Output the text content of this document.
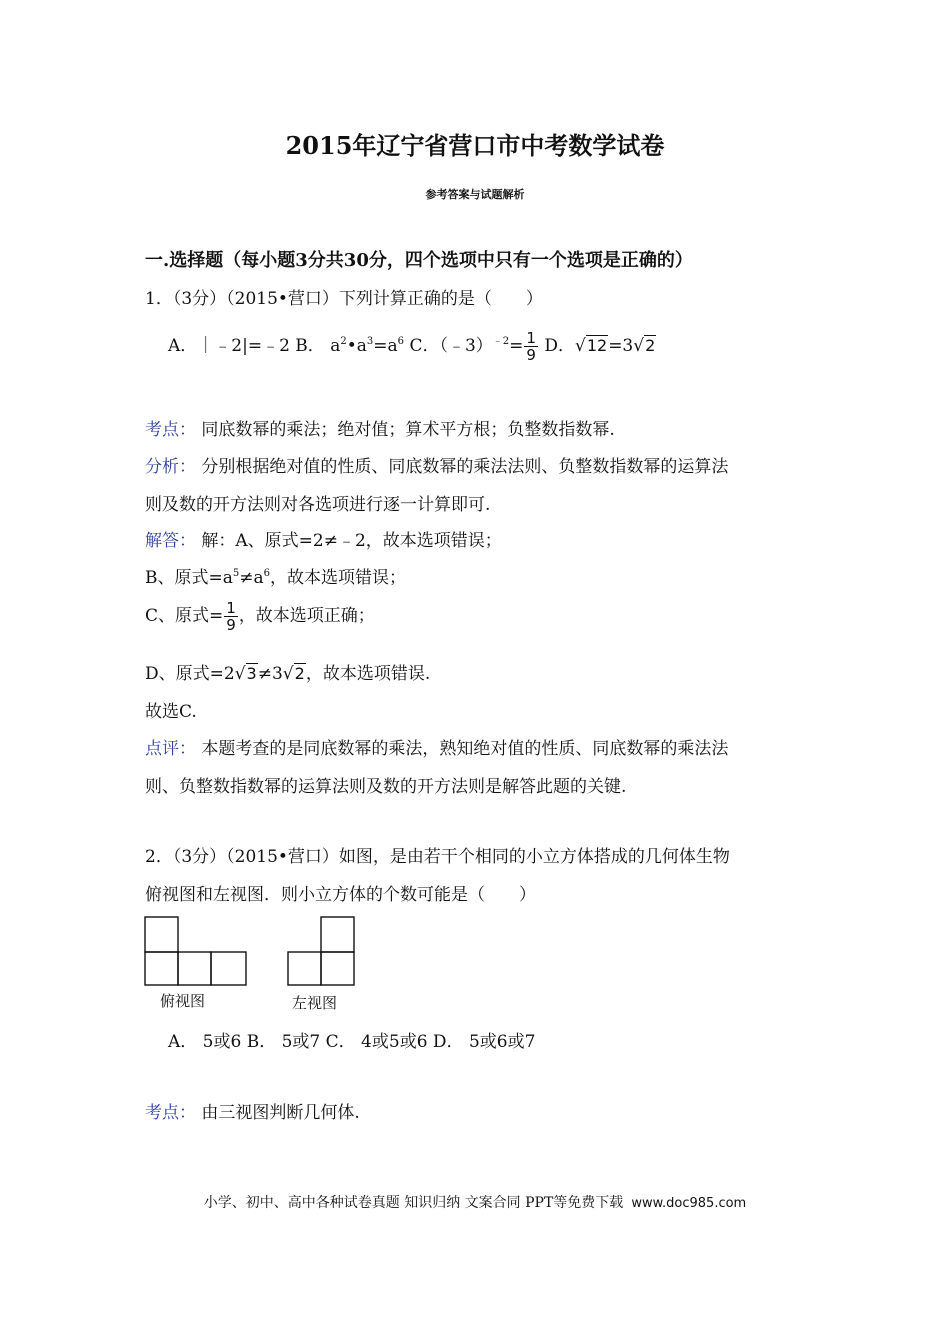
2015年辽宁省营口市中考数学试卷
参考答案与试题解析
一.选择题（每小题3分共30分，四个选项中只有一个选项是正确的）
1．（3分）（2015•营口）下列计算正确的是（　　）
A．｜﹣2|=﹣2 B． $a^2•a^3=a^6$ C．（﹣3）$^{﹣2}$= $\frac{1}{9}$ D．√12=3√2
考点： 同底数幂的乘法；绝对值；算术平方根；负整数指数幂.
分析： 分别根据绝对值的性质、同底数幂的乘法法则、负整数指数幂的运算法
则及数的开方法则对各选项进行逐一计算即可.
解答： 解：A、原式=2≠﹣2，故本选项错误；
B、原式$=a^5\ne a^6$，故本选项错误；
C、原式= $\frac{1}{9}$ ，故本选项正确；
D、原式=2√3≠3√2，故本选项错误.
故选C.
点评： 本题考查的是同底数幂的乘法，熟知绝对值的性质、同底数幂的乘法法
则、负整数指数幂的运算法则及数的开方法则是解答此题的关键.
2．（3分）（2015•营口）如图，是由若干个相同的小立方体搭成的几何体生物
俯视图和左视图．则小立方体的个数可能是（　　）
俯视图	左视图
A． 5或6 B． 5或7 C． 4或5或6 D． 5或6或7
考点： 由三视图判断几何体.
小学、初中、高中各种试卷真题 知识归纳 文案合同 PPT等免费下载 www.doc985.com
